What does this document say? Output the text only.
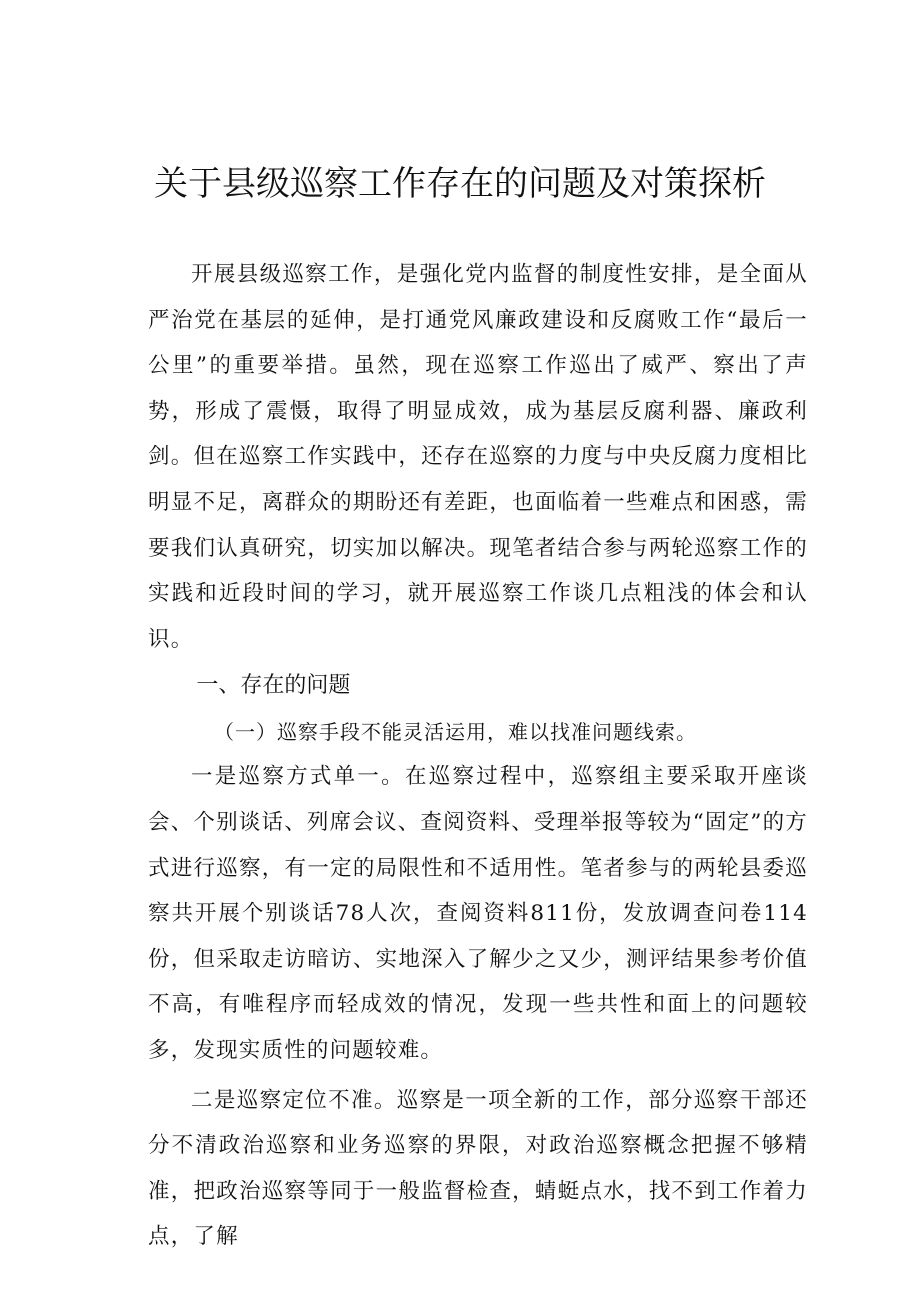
关于县级巡察工作存在的问题及对策探析

开展县级巡察工作，是强化党内监督的制度性安排，是全面从严治党在基层的延伸，是打通党风廉政建设和反腐败工作“最后一公里”的重要举措。虽然，现在巡察工作巡出了威严、察出了声势，形成了震慑，取得了明显成效，成为基层反腐利器、廉政利剑。但在巡察工作实践中，还存在巡察的力度与中央反腐力度相比明显不足，离群众的期盼还有差距，也面临着一些难点和困惑，需要我们认真研究，切实加以解决。现笔者结合参与两轮巡察工作的实践和近段时间的学习，就开展巡察工作谈几点粗浅的体会和认识。

一、存在的问题

（一）巡察手段不能灵活运用，难以找准问题线索。

一是巡察方式单一。在巡察过程中，巡察组主要采取开座谈会、个别谈话、列席会议、查阅资料、受理举报等较为“固定”的方式进行巡察，有一定的局限性和不适用性。笔者参与的两轮县委巡察共开展个别谈话78人次，查阅资料811份，发放调查问卷114份，但采取走访暗访、实地深入了解少之又少，测评结果参考价值不高，有唯程序而轻成效的情况，发现一些共性和面上的问题较多，发现实质性的问题较难。

二是巡察定位不准。巡察是一项全新的工作，部分巡察干部还分不清政治巡察和业务巡察的界限，对政治巡察概念把握不够精准，把政治巡察等同于一般监督检查，蜻蜓点水，找不到工作着力点，了解
